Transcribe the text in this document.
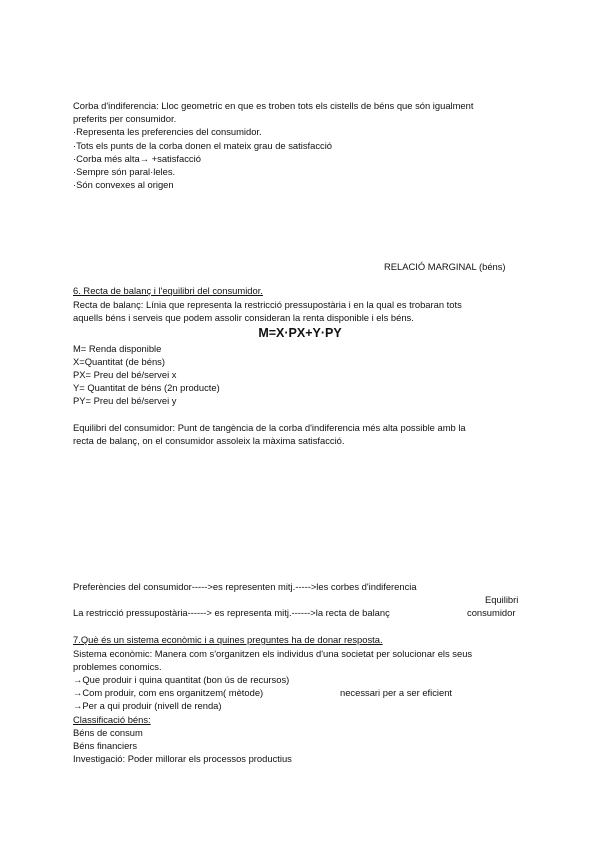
Corba d'indiferencia: Lloc geometric en que es troben tots els cistells de béns que són igualment
preferits per consumidor.
·Representa les preferencies del consumidor.
·Tots els punts de la corba donen el mateix grau de satisfacció
·Corba més alta→ +satisfacció
·Sempre són paral·leles.
·Són convexes al origen
RELACIÓ MARGINAL (béns)
6. Recta de balanç i l'equilibri del consumidor.
Recta de balanç: Línia que representa la restricció pressupostària i en la qual es trobaran tots
aquells béns i serveis que podem assolir consideran la renta disponible i els béns.
M=X·PX+Y·PY
M= Renda disponible
X=Quantitat (de béns)
PX= Preu del bé/servei x
Y= Quantitat de béns (2n producte)
PY= Preu del bé/servei y
Equilibri del consumidor: Punt de tangència de la corba d'indiferencia més alta possible amb la
recta de balanç, on el consumidor assoleix la màxima satisfacció.
Preferències del consumidor----->es representen mitj.----->les corbes d'indiferencia
Equilibri
La restricció pressupostària------> es representa mitj.------>la recta de balanç	consumidor
7.Què és un sistema econòmic i a quines preguntes ha de donar resposta.
Sistema econòmic: Manera com s'organitzen els individus d'una societat per solucionar els seus
problemes conomics.
→Que produir i quina quantitat (bon ús de recursos)
→Com produir, com ens organitzem( mètode)	necessari per a ser eficient
→Per a qui produir (nivell de renda)
Classificació béns:
Béns de consum
Béns financiers
Investigació: Poder millorar els processos productius
